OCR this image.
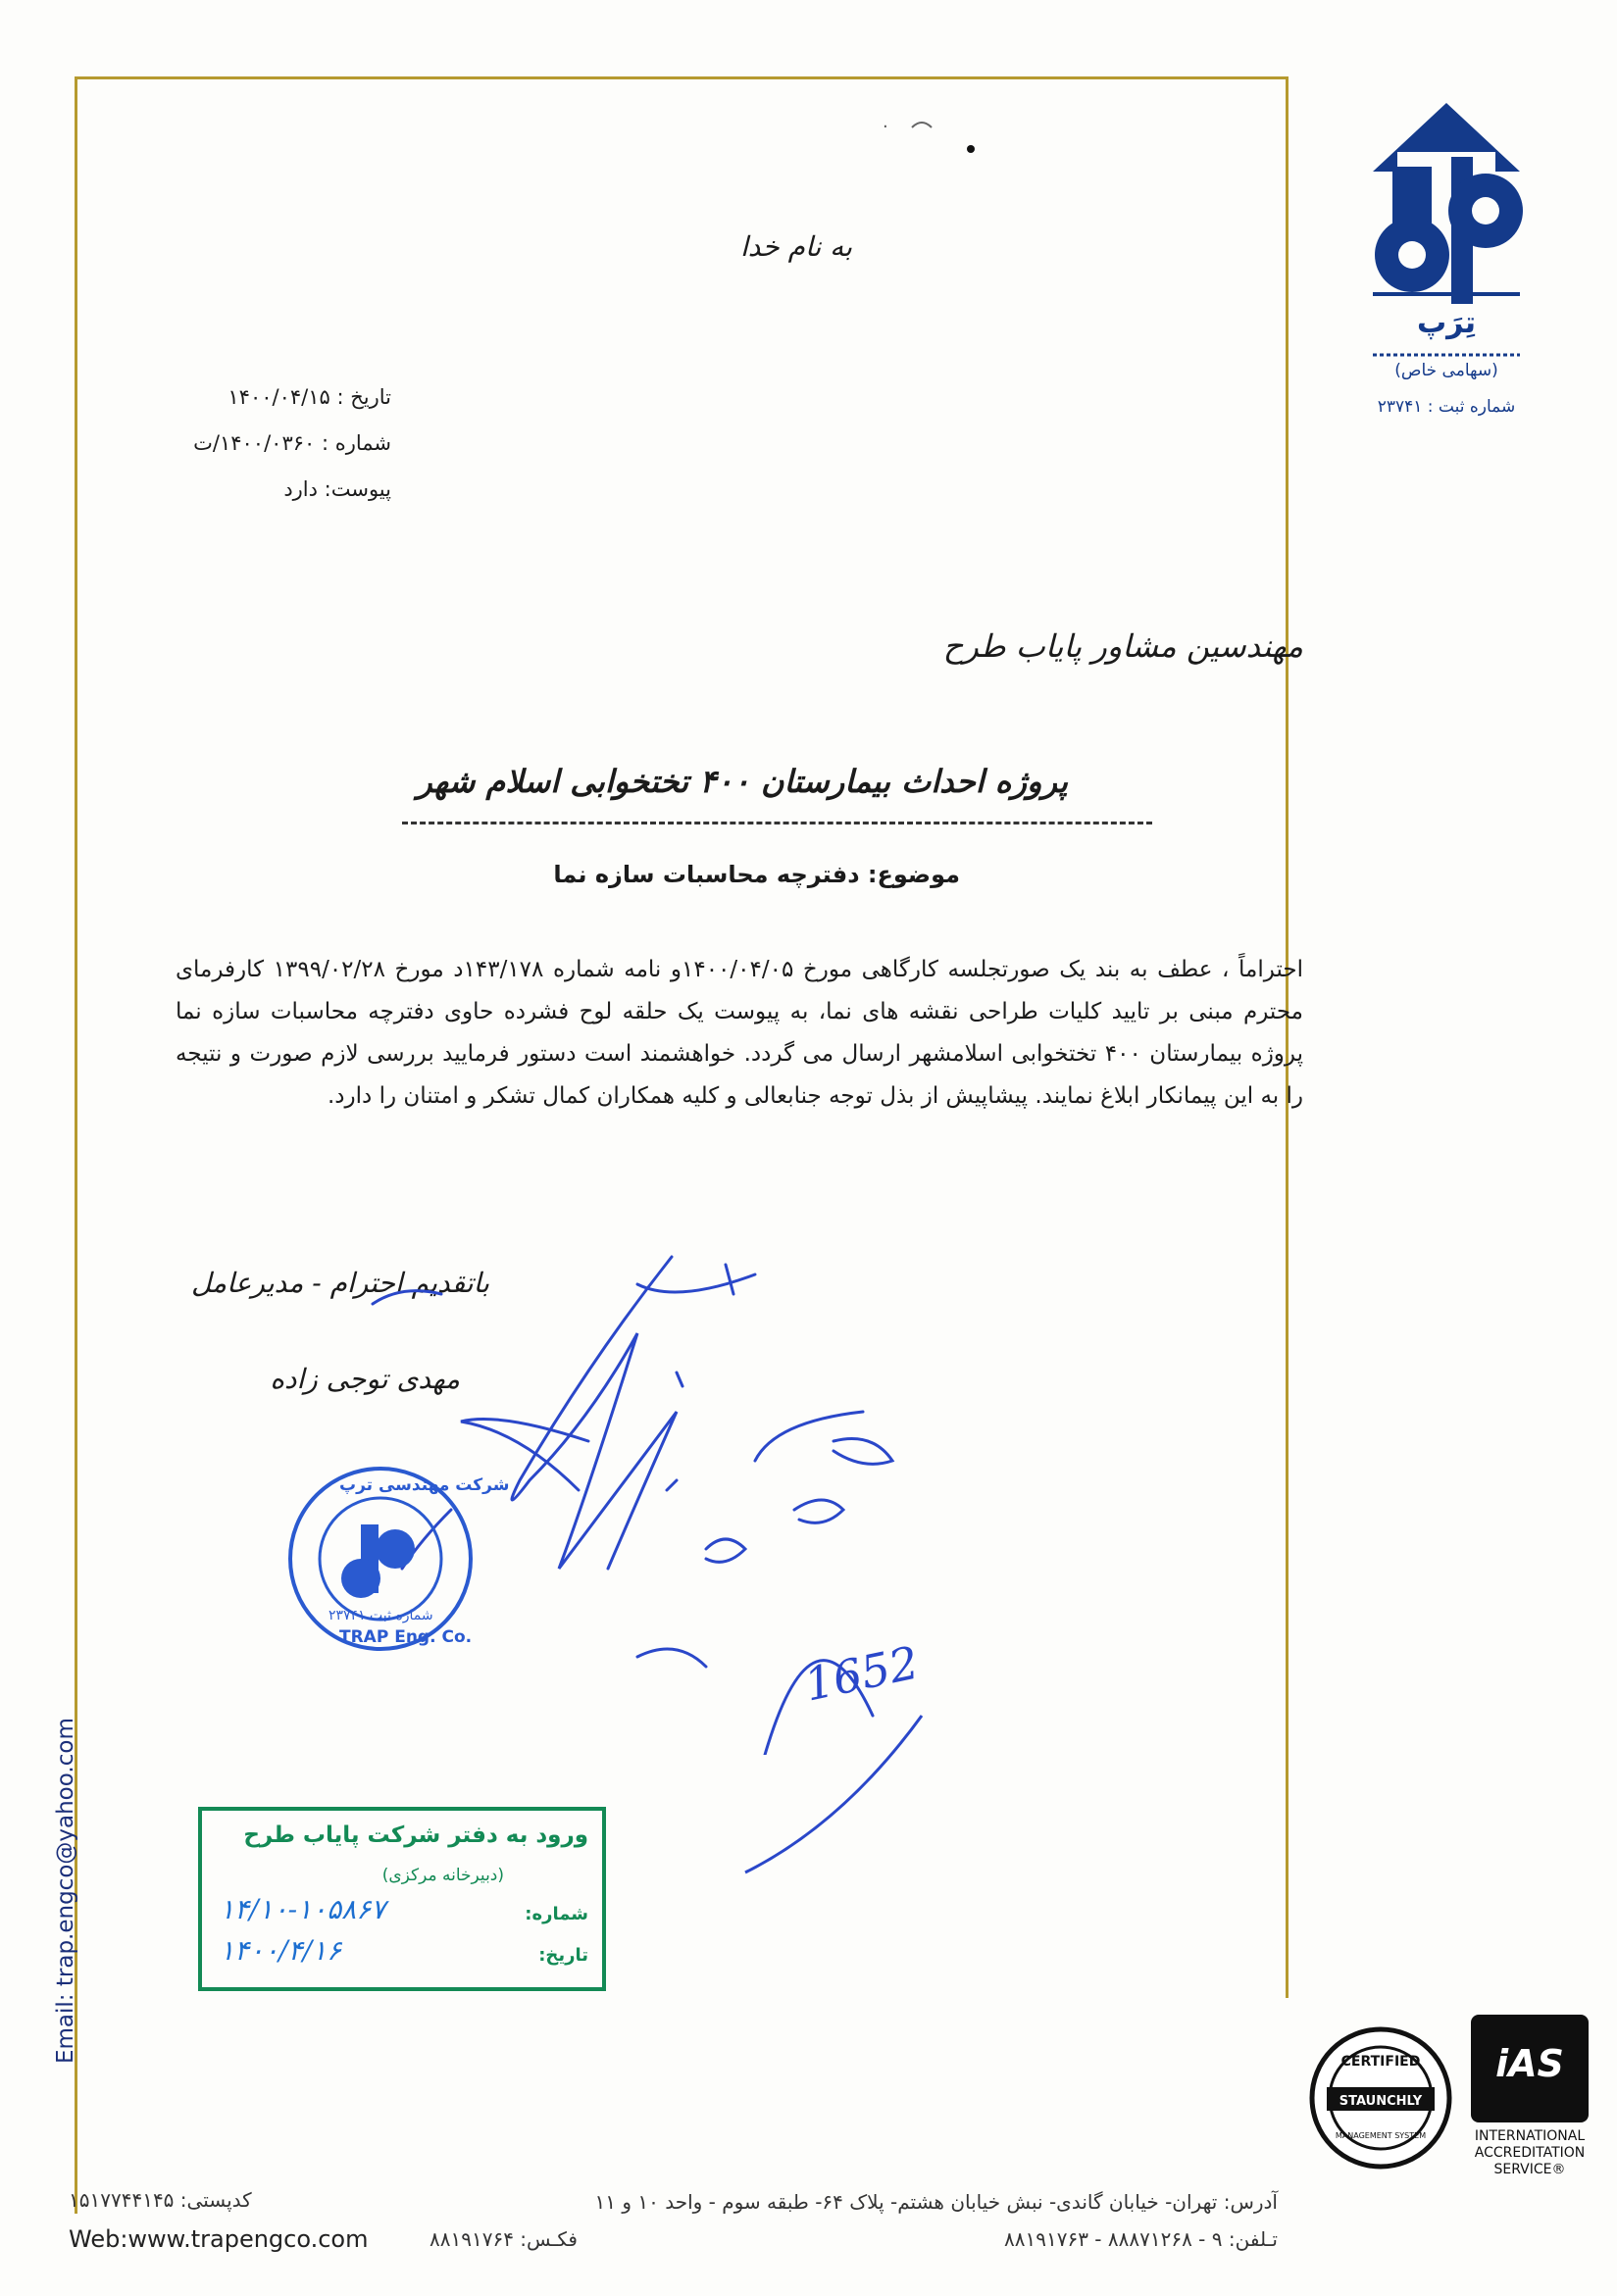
تِرَپ
(سهامی خاص)
شماره ثبت : ۲۳۷۴۱
·
به نام خدا
تاریخ : ۱۴۰۰/۰۴/۱۵
شماره : ۱۴۰۰/۰۳۶۰/ت
پیوست: دارد
مهندسین مشاور پایاب طرح
پروژه احداث بیمارستان ۴۰۰ تختخوابی اسلام شهر
موضوع: دفترچه محاسبات سازه نما
احتراماً ، عطف به بند یک صورتجلسه کارگاهی مورخ ۱۴۰۰/۰۴/۰۵و نامه شماره ۱۴۳/۱۷۸د مورخ ۱۳۹۹/۰۲/۲۸ کارفرمای محترم مبنی بر تایید کلیات طراحی نقشه های نما، به پیوست یک حلقه لوح فشرده حاوی دفترچه محاسبات سازه نما پروژه بیمارستان ۴۰۰ تختخوابی اسلامشهر ارسال می گردد. خواهشمند است دستور فرمایید بررسی لازم صورت و نتیجه را به این پیمانکار ابلاغ نمایند. پیشاپیش از بذل توجه جنابعالی و کلیه همکاران کمال تشکر و امتنان را دارد.
باتقدیم احترام - مدیرعامل
مهدی توجی زاده
1652
شرکت مهندسی ترپ
شماره ثبت ۲۳۷۴۱
TRAP Eng. Co.
ورود به دفتر شرکت پایاب طرح
(دبیرخانه مرکزی)
شماره:
۱۴/۱۰-۱۰۵۸۶۷
تاریخ:
۱۴۰۰/۴/۱۶
Email: trap.engco@yahoo.com	CERTIFIED
STAUNCHLY
MANAGEMENT SYSTEM
iAS
INTERNATIONAL
ACCREDITATION
SERVICE®
آدرس: تهران- خیابان گاندی- نبش خیابان هشتم- پلاک ۶۴- طبقه سوم - واحد ۱۰ و ۱۱
تـلفن: ۹ - ۸۸۸۷۱۲۶۸ - ۸۸۱۹۱۷۶۳
فکـس: ۸۸۱۹۱۷۶۴
کدپستی: ۱۵۱۷۷۴۴۱۴۵
Web:www.trapengco.com
